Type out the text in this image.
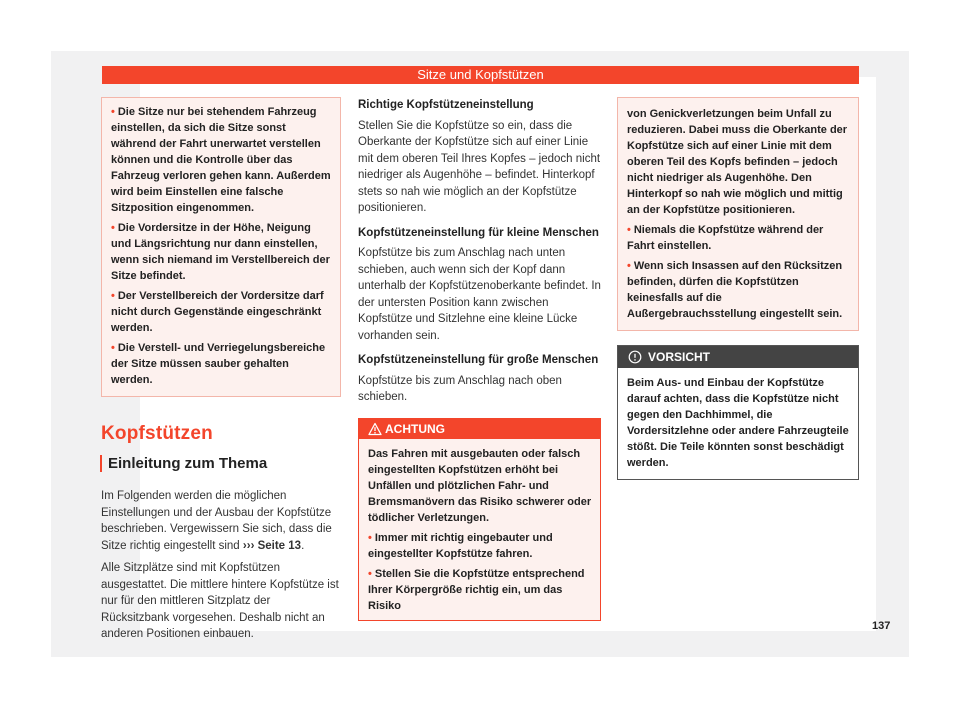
Sitze und Kopfstützen

• Die Sitze nur bei stehendem Fahrzeug einstellen, da sich die Sitze sonst während der Fahrt unerwartet verstellen können und die Kontrolle über das Fahrzeug verloren gehen kann. Außerdem wird beim Einstellen eine falsche Sitzposition eingenommen.

• Die Vordersitze in der Höhe, Neigung und Längsrichtung nur dann einstellen, wenn sich niemand im Verstellbereich der Sitze befindet.

• Der Verstellbereich der Vordersitze darf nicht durch Gegenstände eingeschränkt werden.

• Die Verstell- und Verriegelungsbereiche der Sitze müssen sauber gehalten werden.

Kopfstützen
Einleitung zum Thema

Im Folgenden werden die möglichen Einstellungen und der Ausbau der Kopfstütze beschrieben. Vergewissern Sie sich, dass die Sitze richtig eingestellt sind ››› Seite 13.

Alle Sitzplätze sind mit Kopfstützen ausgestattet. Die mittlere hintere Kopfstütze ist nur für den mittleren Sitzplatz der Rücksitzbank vorgesehen. Deshalb nicht an anderen Positionen einbauen.

Richtige Kopfstützeneinstellung

Stellen Sie die Kopfstütze so ein, dass die Oberkante der Kopfstütze sich auf einer Linie mit dem oberen Teil Ihres Kopfes – jedoch nicht niedriger als Augenhöhe – befindet. Hinterkopf stets so nah wie möglich an der Kopfstütze positionieren.

Kopfstützeneinstellung für kleine Menschen

Kopfstütze bis zum Anschlag nach unten schieben, auch wenn sich der Kopf dann unterhalb der Kopfstützenoberkante befindet. In der untersten Position kann zwischen Kopfstütze und Sitzlehne eine kleine Lücke vorhanden sein.

Kopfstützeneinstellung für große Menschen

Kopfstütze bis zum Anschlag nach oben schieben.

ACHTUNG

Das Fahren mit ausgebauten oder falsch eingestellten Kopfstützen erhöht bei Unfällen und plötzlichen Fahr- und Bremsmanövern das Risiko schwerer oder tödlicher Verletzungen.

• Immer mit richtig eingebauter und eingestellter Kopfstütze fahren.

• Stellen Sie die Kopfstütze entsprechend Ihrer Körpergröße richtig ein, um das Risiko

von Genickverletzungen beim Unfall zu reduzieren. Dabei muss die Oberkante der Kopfstütze sich auf einer Linie mit dem oberen Teil des Kopfs befinden – jedoch nicht niedriger als Augenhöhe. Den Hinterkopf so nah wie möglich und mittig an der Kopfstütze positionieren.

• Niemals die Kopfstütze während der Fahrt einstellen.

• Wenn sich Insassen auf den Rücksitzen befinden, dürfen die Kopfstützen keinesfalls auf die Außergebrauchsstellung eingestellt sein.

VORSICHT
Beim Aus- und Einbau der Kopfstütze darauf achten, dass die Kopfstütze nicht gegen den Dachhimmel, die Vordersitzlehne oder andere Fahrzeugteile stößt. Die Teile könnten sonst beschädigt werden.
137
